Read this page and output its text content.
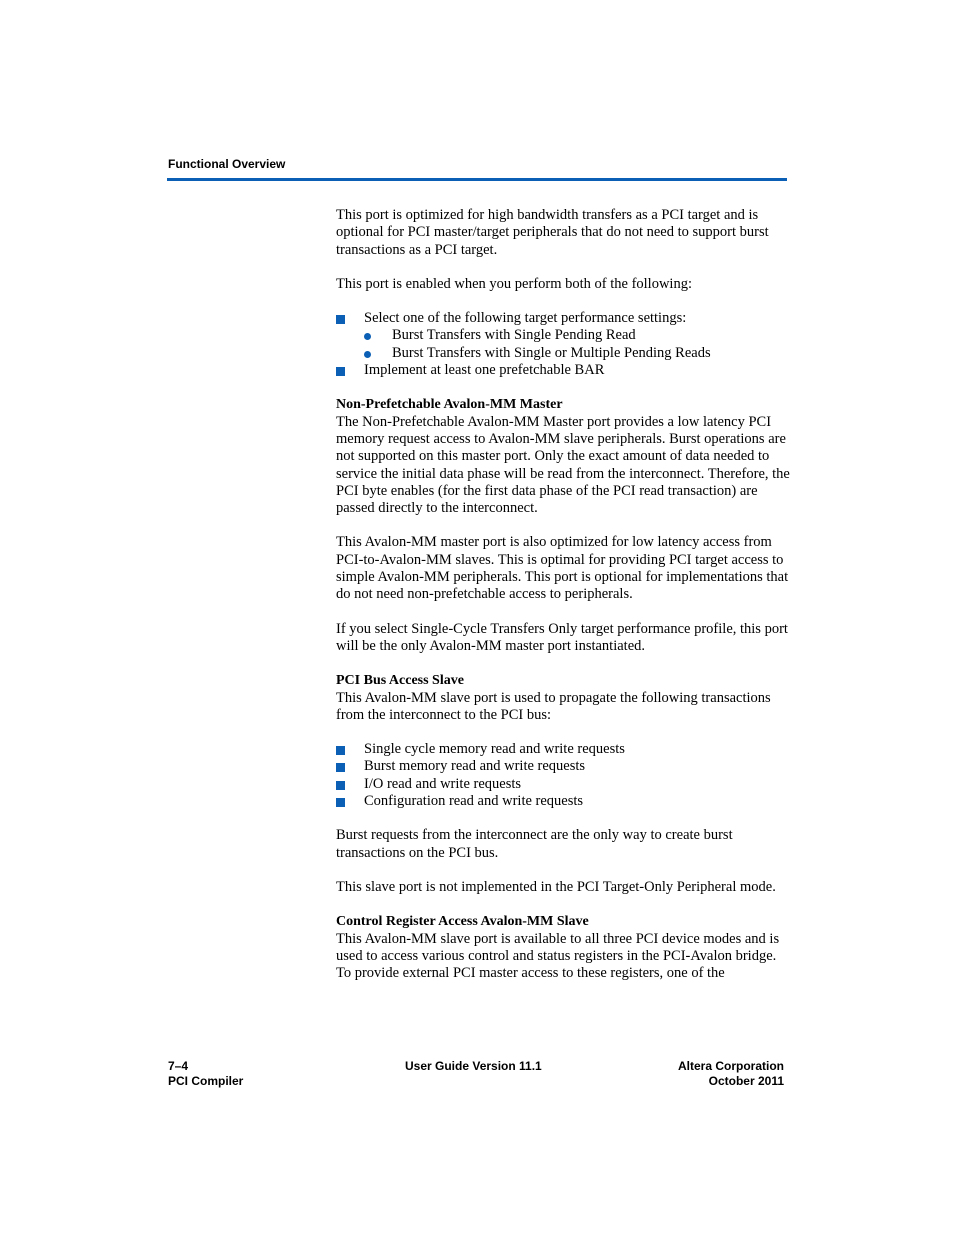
Functional Overview

This port is optimized for high bandwidth transfers as a PCI target and is optional for PCI master/target peripherals that do not need to support burst transactions as a PCI target.

This port is enabled when you perform both of the following:

Select one of the following target performance settings:
Burst Transfers with Single Pending Read
Burst Transfers with Single or Multiple Pending Reads
Implement at least one prefetchable BAR
Non-Prefetchable Avalon-MM Master

The Non-Prefetchable Avalon-MM Master port provides a low latency PCI memory request access to Avalon-MM slave peripherals. Burst operations are not supported on this master port. Only the exact amount of data needed to service the initial data phase will be read from the interconnect. Therefore, the PCI byte enables (for the first data phase of the PCI read transaction) are passed directly to the interconnect.

This Avalon-MM master port is also optimized for low latency access from PCI-to-Avalon-MM slaves. This is optimal for providing PCI target access to simple Avalon-MM peripherals. This port is optional for implementations that do not need non-prefetchable access to peripherals.

If you select Single-Cycle Transfers Only target performance profile, this port will be the only Avalon-MM master port instantiated.

PCI Bus Access Slave

This Avalon-MM slave port is used to propagate the following transactions from the interconnect to the PCI bus:

Single cycle memory read and write requests
Burst memory read and write requests
I/O read and write requests
Configuration read and write requests

Burst requests from the interconnect are the only way to create burst transactions on the PCI bus.

This slave port is not implemented in the PCI Target-Only Peripheral mode.

Control Register Access Avalon-MM Slave

This Avalon-MM slave port is available to all three PCI device modes and is used to access various control and status registers in the PCI-Avalon bridge. To provide external PCI master access to these registers, one of the

7–4
PCI Compiler
User Guide Version 11.1	Altera Corporation
October 2011
